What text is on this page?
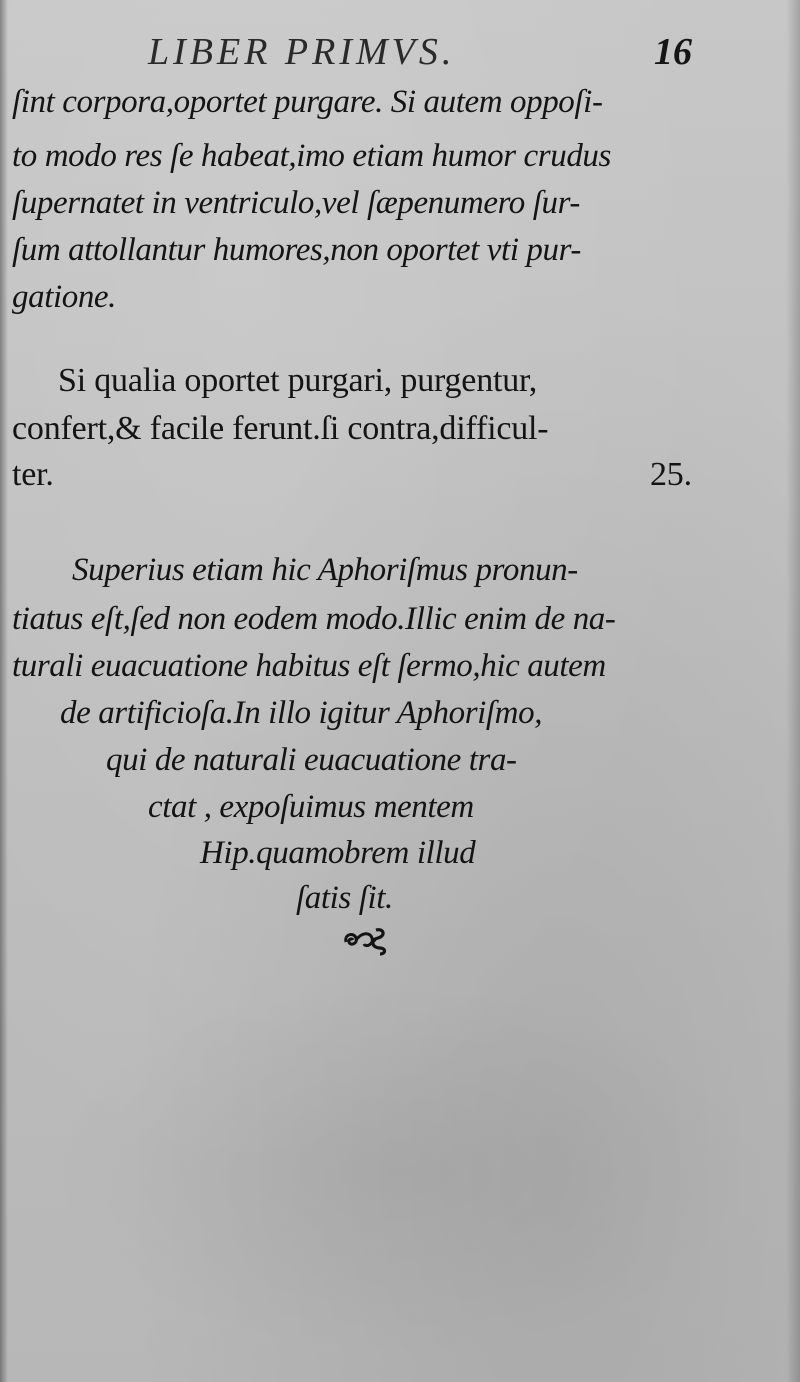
LIBER PRIMVS.	16
ſint corpora,oportet purgare. Si autem oppoſi-
to modo res ſe habeat,imo etiam humor crudus
ſupernatet in ventriculo,vel ſæpenumero ſur-
ſum attollantur humores,non oportet vti pur-
gatione.
Si qualia oportet purgari, purgentur,
confert,& facile ferunt.ſi contra,difficul-
ter.	25.
Superius etiam hic Aphoriſmus pronun-
tiatus eſt,ſed non eodem modo.Illic enim de na-
turali euacuatione habitus eſt ſermo,hic autem
de artificioſa.In illo igitur Aphoriſmo,
qui de naturali euacuatione tra-
ctat , expoſuimus mentem
Hip.quamobrem illud
ſatis ſit.
